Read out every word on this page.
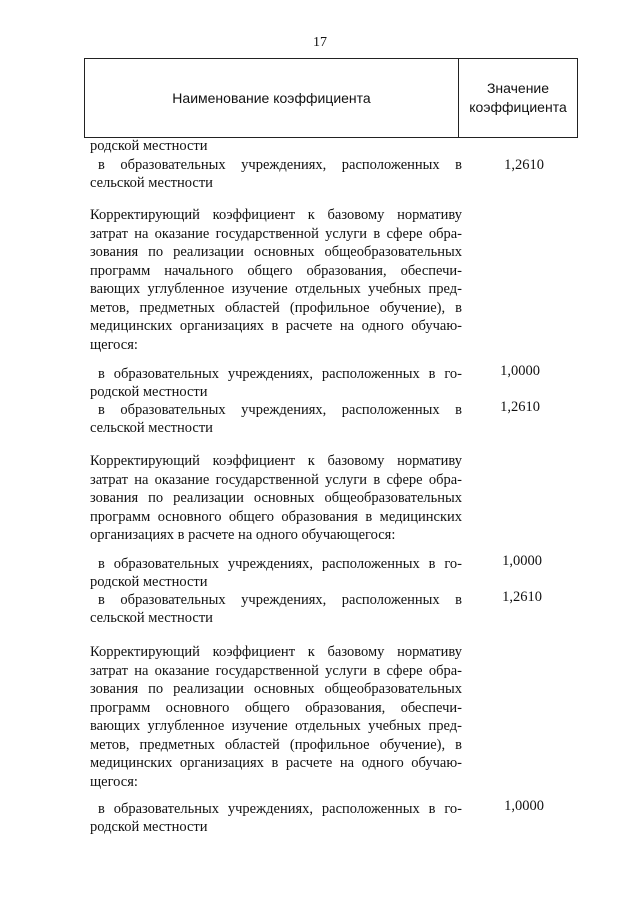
17
Наименование коэффициента
Значение коэффициента
родской местности
в образовательных учреждениях, расположенных в
сельской местности
1,2610
Корректирующий коэффициент к базовому нормативу
затрат на оказание государственной услуги в сфере обра-
зования по реализации основных общеобразовательных
программ начального общего образования, обеспечи-
вающих углубленное изучение отдельных учебных пред-
метов, предметных областей (профильное обучение), в
медицинских организациях в расчете на одного обучаю-
щегося:
в образовательных учреждениях, расположенных в го-
родской местности
1,0000
в образовательных учреждениях, расположенных в
сельской местности
1,2610
Корректирующий коэффициент к базовому нормативу
затрат на оказание государственной услуги в сфере обра-
зования по реализации основных общеобразовательных
программ основного общего образования в медицинских
организациях в расчете на одного обучающегося:
в образовательных учреждениях, расположенных в го-
родской местности
1,0000
в образовательных учреждениях, расположенных в
сельской местности
1,2610
Корректирующий коэффициент к базовому нормативу
затрат на оказание государственной услуги в сфере обра-
зования по реализации основных общеобразовательных
программ основного общего образования, обеспечи-
вающих углубленное изучение отдельных учебных пред-
метов, предметных областей (профильное обучение), в
медицинских организациях в расчете на одного обучаю-
щегося:
в образовательных учреждениях, расположенных в го-
родской местности
1,0000
